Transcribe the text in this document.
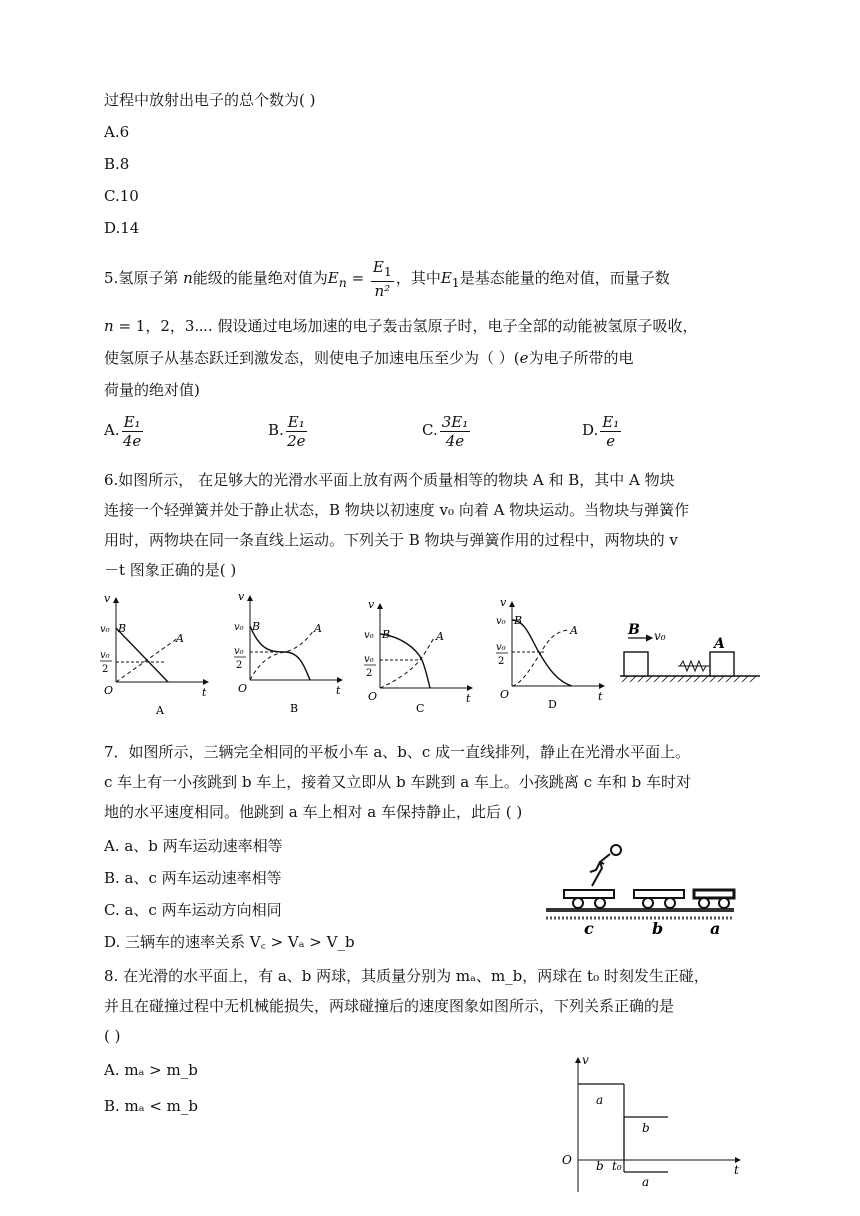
过程中放射出电子的总个数为( )
A.6
B.8
C.10
D.14
5.氢原子第 n能级的能量绝对值为$E_n = \frac{E_1}{\text{n²}}$ ，其中$E_1$是基态能量的绝对值，而量子数
n = 1，2，3⋯. 假设通过电场加速的电子轰击氢原子时，电子全部的动能被氢原子吸收，
使氢原子从基态跃迁到激发态，则使电子加速电压至少为（ ）(e为电子所带的电
荷量的绝对值)
A. $\frac{\text{E₁}}{4e}$	B. $\frac{\text{E₁}}{2e}$	C. $\frac{\text{3E₁}}{4e}$	D. $\frac{\text{E₁}}{e}$
6.如图所示， 在足够大的光滑水平面上放有两个质量相等的物块 A 和 B，其中 A 物块
连接一个轻弹簧并处于静止状态，B 物块以初速度 v₀ 向着 A 物块运动。当物块与弹簧作
用时，两物块在同一条直线上运动。下列关于 B 物块与弹簧作用的过程中，两物块的 v
－t 图象正确的是( )
v
t
O
v₀
v₀
2
B
A
A
v
t
O
v₀
v₀
2
B	A
B
v
t
O
v₀
v₀
2
B	A
C
v
t
O
v₀
v₀
2
B
A
D
B v₀	A
7．如图所示，三辆完全相同的平板小车 a、b、c 成一直线排列，静止在光滑水平面上。
c 车上有一小孩跳到 b 车上，接着又立即从 b 车跳到 a 车上。小孩跳离 c 车和 b 车时对
地的水平速度相同。他跳到 a 车上相对 a 车保持静止，此后 ( )
A. a、b 两车运动速率相等
B. a、c 两车运动速率相等
C. a、c 两车运动方向相同
D. 三辆车的速率关系 V꜀ > Vₐ > V_b
c	b	a
8. 在光滑的水平面上，有 a、b 两球，其质量分别为 mₐ、m_b，两球在 t₀ 时刻发生正碰，
并且在碰撞过程中无机械能损失，两球碰撞后的速度图象如图所示，下列关系正确的是
( )
A. mₐ > m_b
B. mₐ < m_b
v
t
O
a
b
b t₀
a
